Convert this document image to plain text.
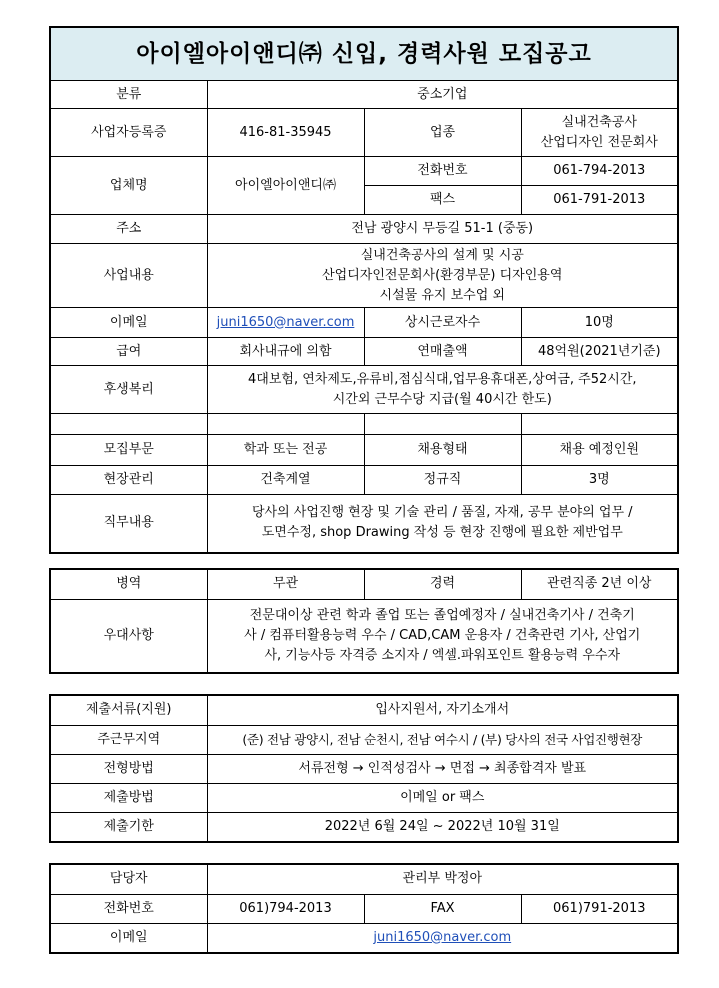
아이엘아이앤디㈜ 신입, 경력사원 모집공고			
분류	중소기업		
사업자등록증	416-81-35945	업종	실내건축공사
산업디자인 전문회사
업체명	아이엘아이앤디㈜	전화번호	061-794-2013
		팩스	061-791-2013
주소	전남 광양시 무등길 51-1 (중동)		
사업내용	실내건축공사의 설계 및 시공
산업디자인전문회사(환경부문) 디자인용역
시설물 유지 보수업 외		
이메일	juni1650@naver.com	상시근로자수	10명
급여	회사내규에 의함	연매출액	48억원(2021년기준)
후생복리	4대보험, 연차제도,유류비,점심식대,업무용휴대폰,상여금, 주52시간,
시간외 근무수당 지급(월 40시간 한도)		

모집부문	학과 또는 전공	채용형태	채용 예정인원
현장관리	건축계열	정규직	3명
직무내용	당사의 사업진행 현장 및 기술 관리 / 품질, 자재, 공무 분야의 업무 /
도면수정, shop Drawing 작성 등 현장 진행에 필요한 제반업무		
병역	무관	경력	관련직종 2년 이상
우대사항	전문대이상 관련 학과 졸업 또는 졸업예정자 / 실내건축기사 / 건축기
사 / 컴퓨터활용능력 우수 / CAD,CAM 운용자 / 건축관련 기사, 산업기
사, 기능사등 자격증 소지자 / 엑셀.파워포인트 활용능력 우수자		
제출서류(지원)	입사지원서, 자기소개서
주근무지역	(준) 전남 광양시, 전남 순천시, 전남 여수시 / (부) 당사의 전국 사업진행현장
전형방법	서류전형 → 인적성검사 → 면접 → 최종합격자 발표
제출방법	이메일 or 팩스
제출기한	2022년 6월 24일 ~ 2022년 10월 31일
담당자	관리부 박정아		
전화번호	061)794-2013	FAX	061)791-2013
이메일	juni1650@naver.com		
